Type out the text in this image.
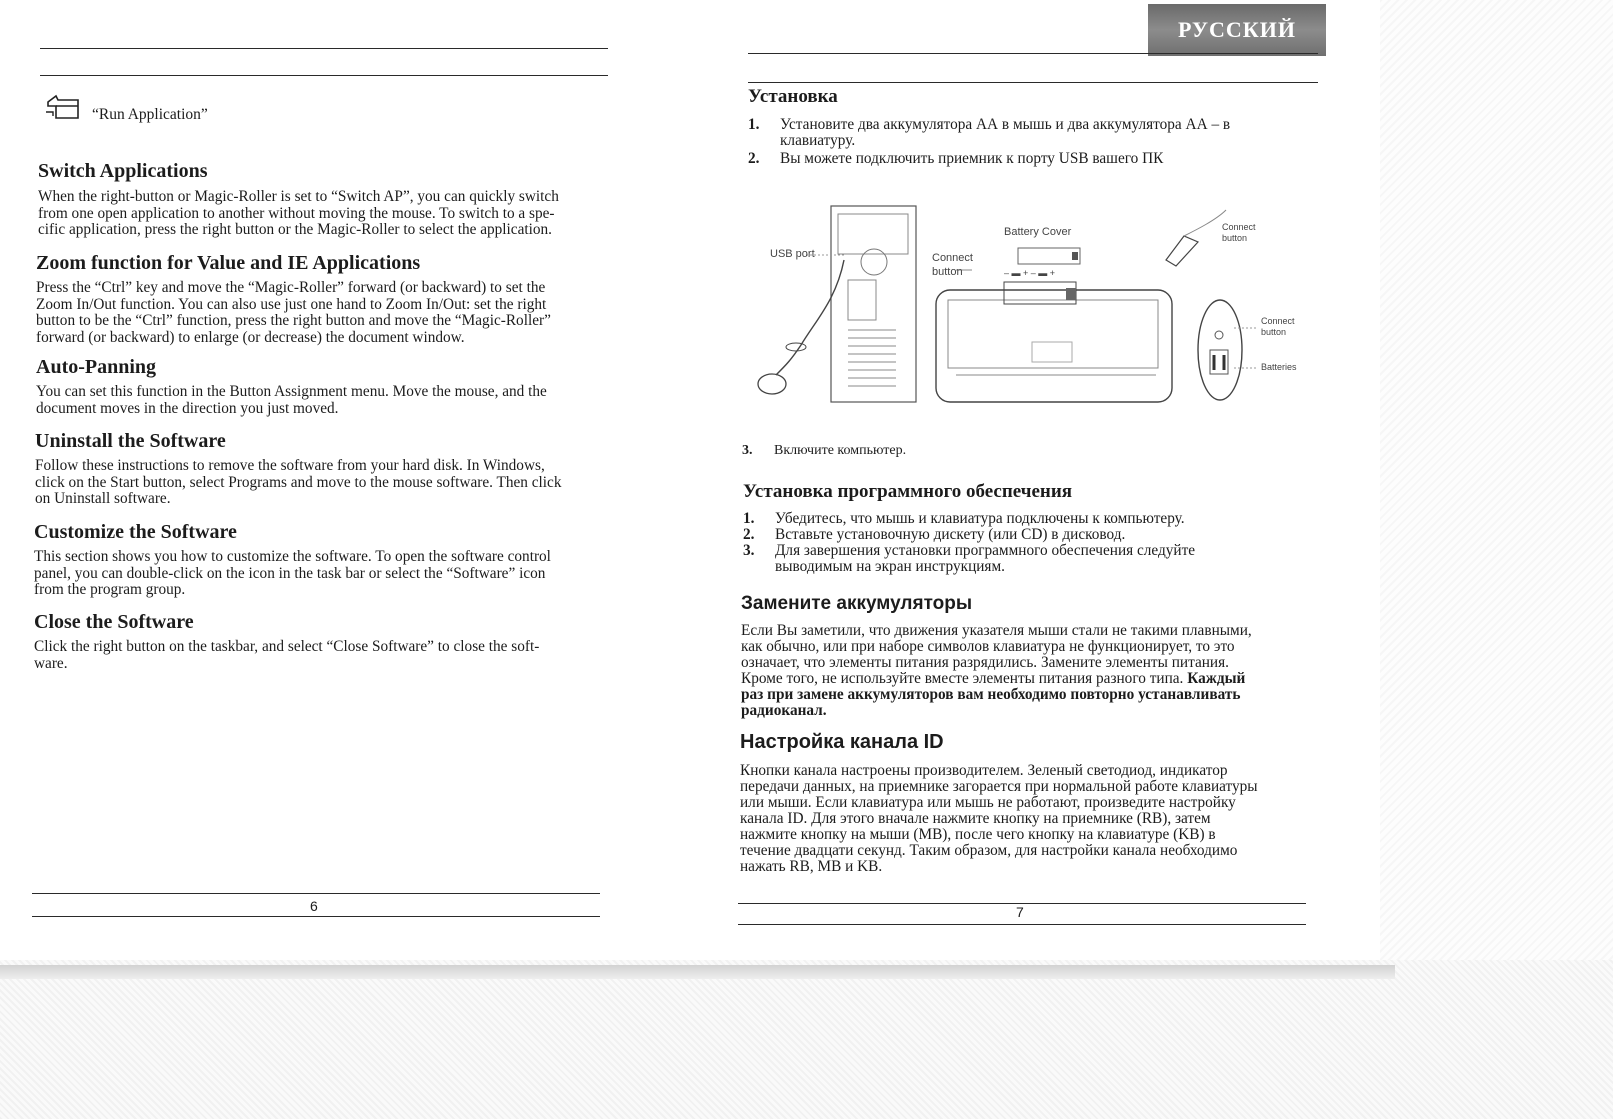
“Run Application”
Switch Applications

When the right-button or Magic-Roller is set to “Switch AP”, you can quickly switch

from one open application to another without moving the mouse. To switch to a spe-

cific application, press the right button or the Magic-Roller to select the application.

Zoom function for Value and IE Applications

Press the “Ctrl” key and move the “Magic-Roller” forward (or backward) to set the

Zoom In/Out function. You can also use just one hand to Zoom In/Out: set the right

button to be the “Ctrl” function, press the right button and move the “Magic-Roller”

forward (or backward) to enlarge (or decrease) the document window.

Auto-Panning

You can set this function in the Button Assignment menu. Move the mouse, and the

document moves in the direction you just moved.

Uninstall the Software

Follow these instructions to remove the software from your hard disk. In Windows,

click on the Start button, select Programs and move to the mouse software. Then click

on Uninstall software.

Customize the Software

This section shows you how to customize the software. To open the software control

panel, you can double-click on the icon in the task bar or select the “Software” icon

from the program group.

Close the Software

Click the right button on the taskbar, and select “Close Software” to close the soft-

ware.

6
РУССКИЙ
Установка
1.	Установите два аккумулятора АА в мышь и два аккумулятора АА – в
клавиатуру.
2.	Вы можете подключить приемник к порту USB вашего ПК
USB port	Connect
button
Battery Cover
– ▬ + – ▬ +
Connect
button
Connect
button
Batteries
3.	Включите компьютер.
Установка программного обеспечения
1.	Убедитесь, что мышь и клавиатура подключены к компьютеру.
2.	Вставьте установочную дискету (или CD) в дисковод.
3.	Для завершения установки программного обеспечения следуйте
выводимым на экран инструкциям.
Замените аккумуляторы

Если Вы заметили, что движения указателя мыши стали не такими плавными,

как обычно, или при наборе символов клавиатура не функционирует, то это

означает, что элементы питания разрядились. Замените элементы питания.

Кроме того, не используйте вместе элементы питания разного типа. Каждый

раз при замене аккумуляторов вам необходимо повторно устанавливать

радиоканал.

Настройка канала ID

Кнопки канала настроены производителем. Зеленый светодиод, индикатор

передачи данных, на приемнике загорается при нормальной работе клавиатуры

или мыши. Если клавиатура или мышь не работают, произведите настройку

канала ID. Для этого вначале нажмите кнопку на приемнике (RB), затем

нажмите кнопку на мыши (MB), после чего кнопку на клавиатуре (KB) в

течение двадцати секунд. Таким образом, для настройки канала необходимо

нажать RB, MB и KB.

7
